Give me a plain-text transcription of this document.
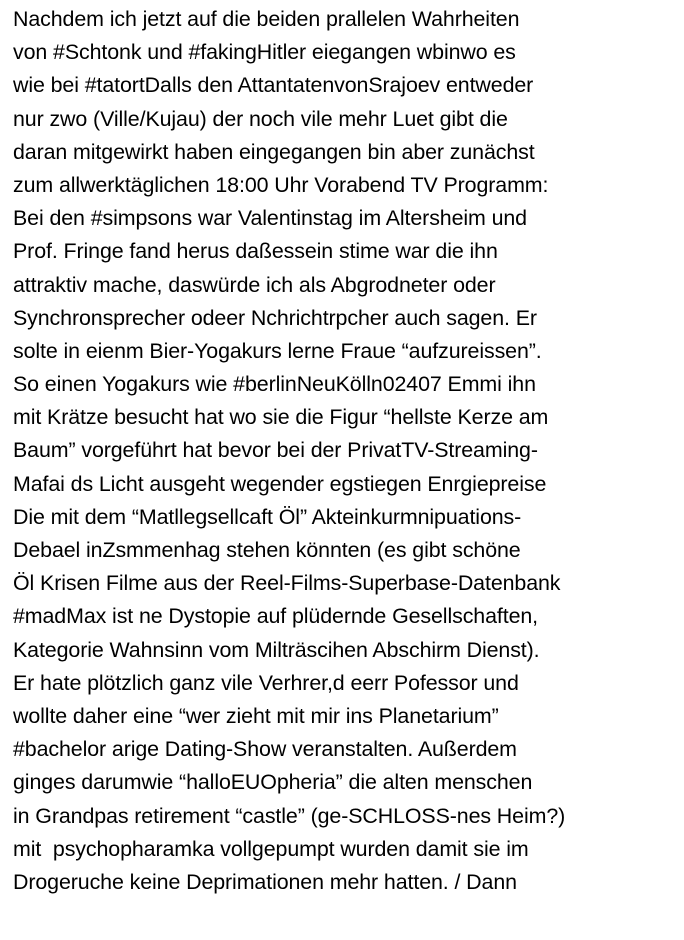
Nachdem ich jetzt auf die beiden prallelen Wahrheiten
von #Schtonk und #fakingHitler eiegangen wbinwo es
wie bei #tatortDalls den AttantatenvonSrajoev entweder
nur zwo (Ville/Kujau) der noch vile mehr Luet gibt die
daran mitgewirkt haben eingegangen bin aber zunächst
zum allwerktäglichen 18:00 Uhr Vorabend TV Programm:
Bei den #simpsons war Valentinstag im Altersheim und
Prof. Fringe fand herus daßessein stime war die ihn
attraktiv mache, daswürde ich als Abgrodneter oder
Synchronsprecher odeer Nchrichtrpcher auch sagen. Er
solte in eienm Bier-Yogakurs lerne Fraue “aufzureissen”.
So einen Yogakurs wie #berlinNeuKölln02407 Emmi ihn
mit Krätze besucht hat wo sie die Figur “hellste Kerze am
Baum” vorgeführt hat bevor bei der PrivatTV-Streaming-
Mafai ds Licht ausgeht wegender egstiegen Enrgiepreise
Die mit dem “Matllegsellcaft Öl” Akteinkurmnipuations-
Debael inZsmmenhag stehen könnten (es gibt schöne
Öl Krisen Filme aus der Reel-Films-Superbase-Datenbank
#madMax ist ne Dystopie auf plüdernde Gesellschaften,
Kategorie Wahnsinn vom Milträscihen Abschirm Dienst).
Er hate plötzlich ganz vile Verhrer,d eerr Pofessor und
wollte daher eine “wer zieht mit mir ins Planetarium”
#bachelor arige Dating-Show veranstalten. Außerdem
ginges darumwie “halloEUOpheria” die alten menschen
in Grandpas retirement “castle” (ge-SCHLOSS-nes Heim?)
mit  psychopharamka vollgepumpt wurden damit sie im
Drogeruche keine Deprimationen mehr hatten. / Dann
